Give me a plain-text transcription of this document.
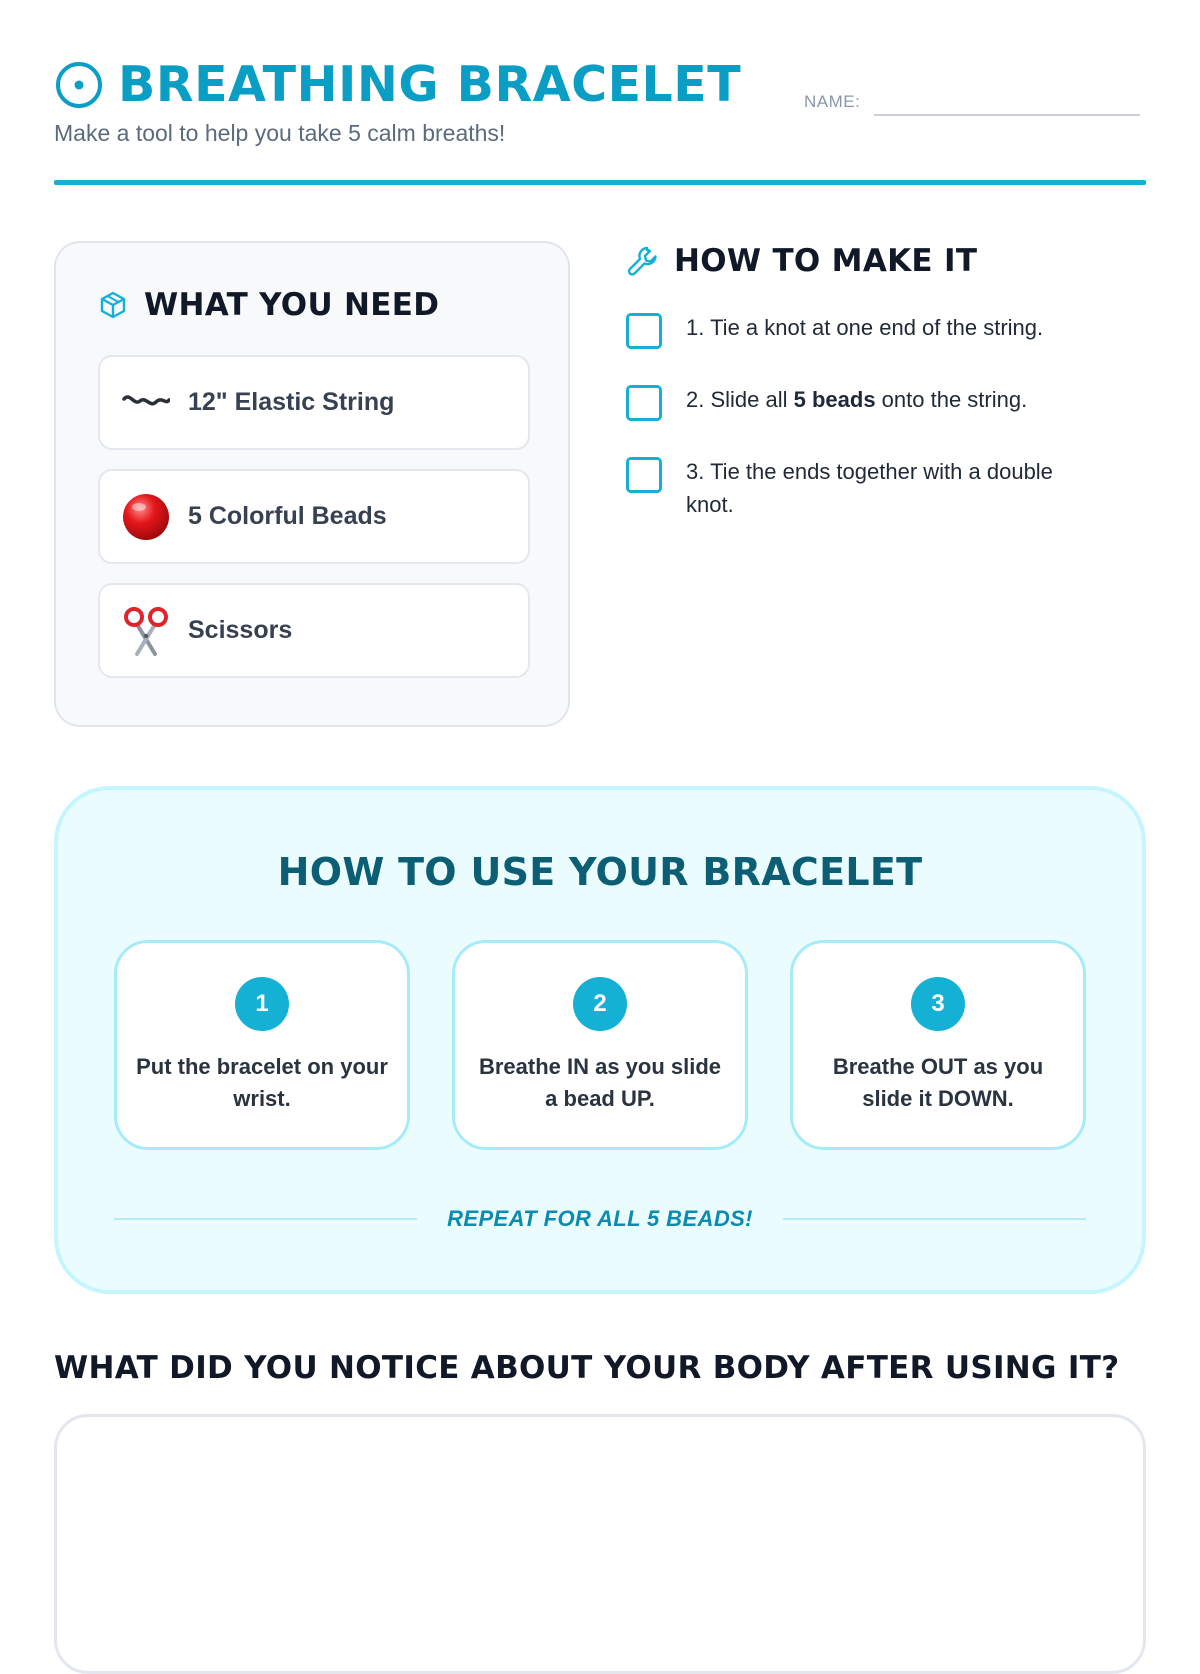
BREATHING BRACELET
Make a tool to help you take 5 calm breaths!
NAME:
WHAT YOU NEED
12" Elastic String
5 Colorful Beads
Scissors
HOW TO MAKE IT
1. Tie a knot at one end of the string.
2. Slide all 5 beads onto the string.
3. Tie the ends together with a double knot.
HOW TO USE YOUR BRACELET
1
Put the bracelet on your wrist.
2
Breathe IN as you slide a bead UP.
3
Breathe OUT as you slide it DOWN.
REPEAT FOR ALL 5 BEADS!
WHAT DID YOU NOTICE ABOUT YOUR BODY AFTER USING IT?
